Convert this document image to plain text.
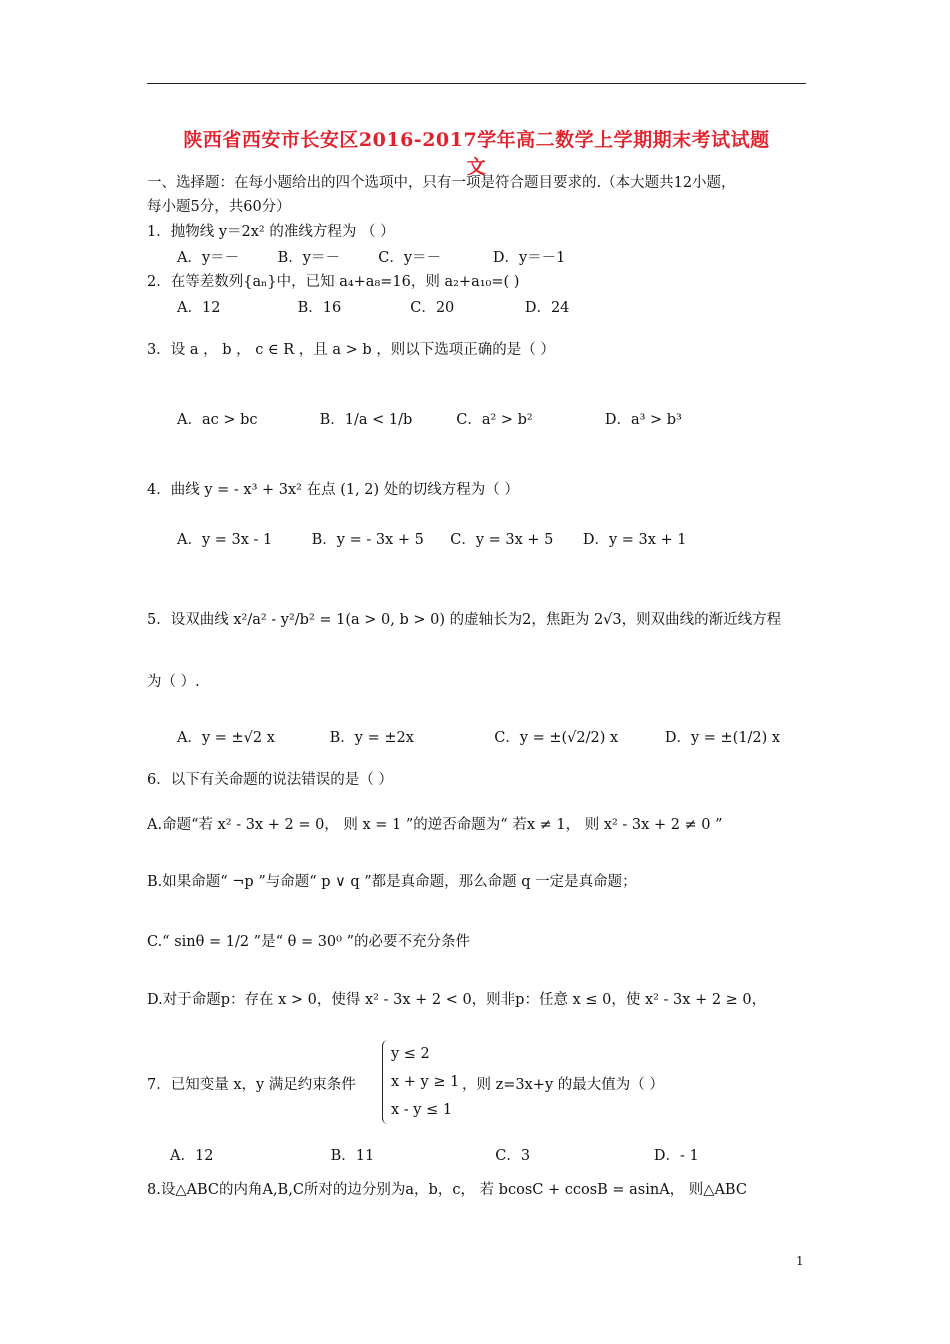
陕西省西安市长安区2016-2017学年高二数学上学期期末考试试题
文
一、选择题：在每小题给出的四个选项中，只有一项是符合题目要求的.（本大题共12小题，
每小题5分，共60分）
1．抛物线 y＝2x² 的准线方程为 （ ）
A．y＝－	B．y＝－	C．y＝－	D．y＝－1
2．在等差数列{aₙ}中，已知 a₄+a₈=16，则 a₂+a₁₀=( )
A．12	B．16	C．20	D．24
3．设 a ， b ， c ∈ R ，且 a > b ，则以下选项正确的是（ ）
A．ac > bc	B．1/a < 1/b	C．a² > b²	D．a³ > b³
4．曲线 y = - x³ + 3x² 在点 (1, 2) 处的切线方程为（ ）
A．y = 3x - 1	B．y = - 3x + 5 C．y = 3x + 5 D．y = 3x + 1
5．设双曲线 x²/a² - y²/b² = 1(a > 0, b > 0) 的虚轴长为2，焦距为 2√3，则双曲线的渐近线方程
为（ ）.
A．y = ±√2 x	B．y = ±2x	C．y = ±(√2/2) x	D．y = ±(1/2) x
6．以下有关命题的说法错误的是（ ）
A.命题“若 x² - 3x + 2 = 0， 则 x = 1 ”的逆否命题为“ 若x ≠ 1， 则 x² - 3x + 2 ≠ 0 ”
B.如果命题“ ¬p ”与命题“ p ∨ q ”都是真命题，那么命题 q 一定是真命题；
C.“ sinθ = 1/2 ”是“ θ = 30⁰ ”的必要不充分条件
D.对于命题p：存在 x > 0，使得 x² - 3x + 2 < 0，则非p：任意 x ≤ 0，使 x² - 3x + 2 ≥ 0，
7．已知变量 x，y 满足约束条件
y ≤ 2
x + y ≥ 1
x - y ≤ 1
，则 z=3x+y 的最大值为（ ）
A．12	B．11	C．3	D．- 1
8.设△ABC的内角A,B,C所对的边分别为a，b，c， 若 bcosC + ccosB = asinA， 则△ABC
1
